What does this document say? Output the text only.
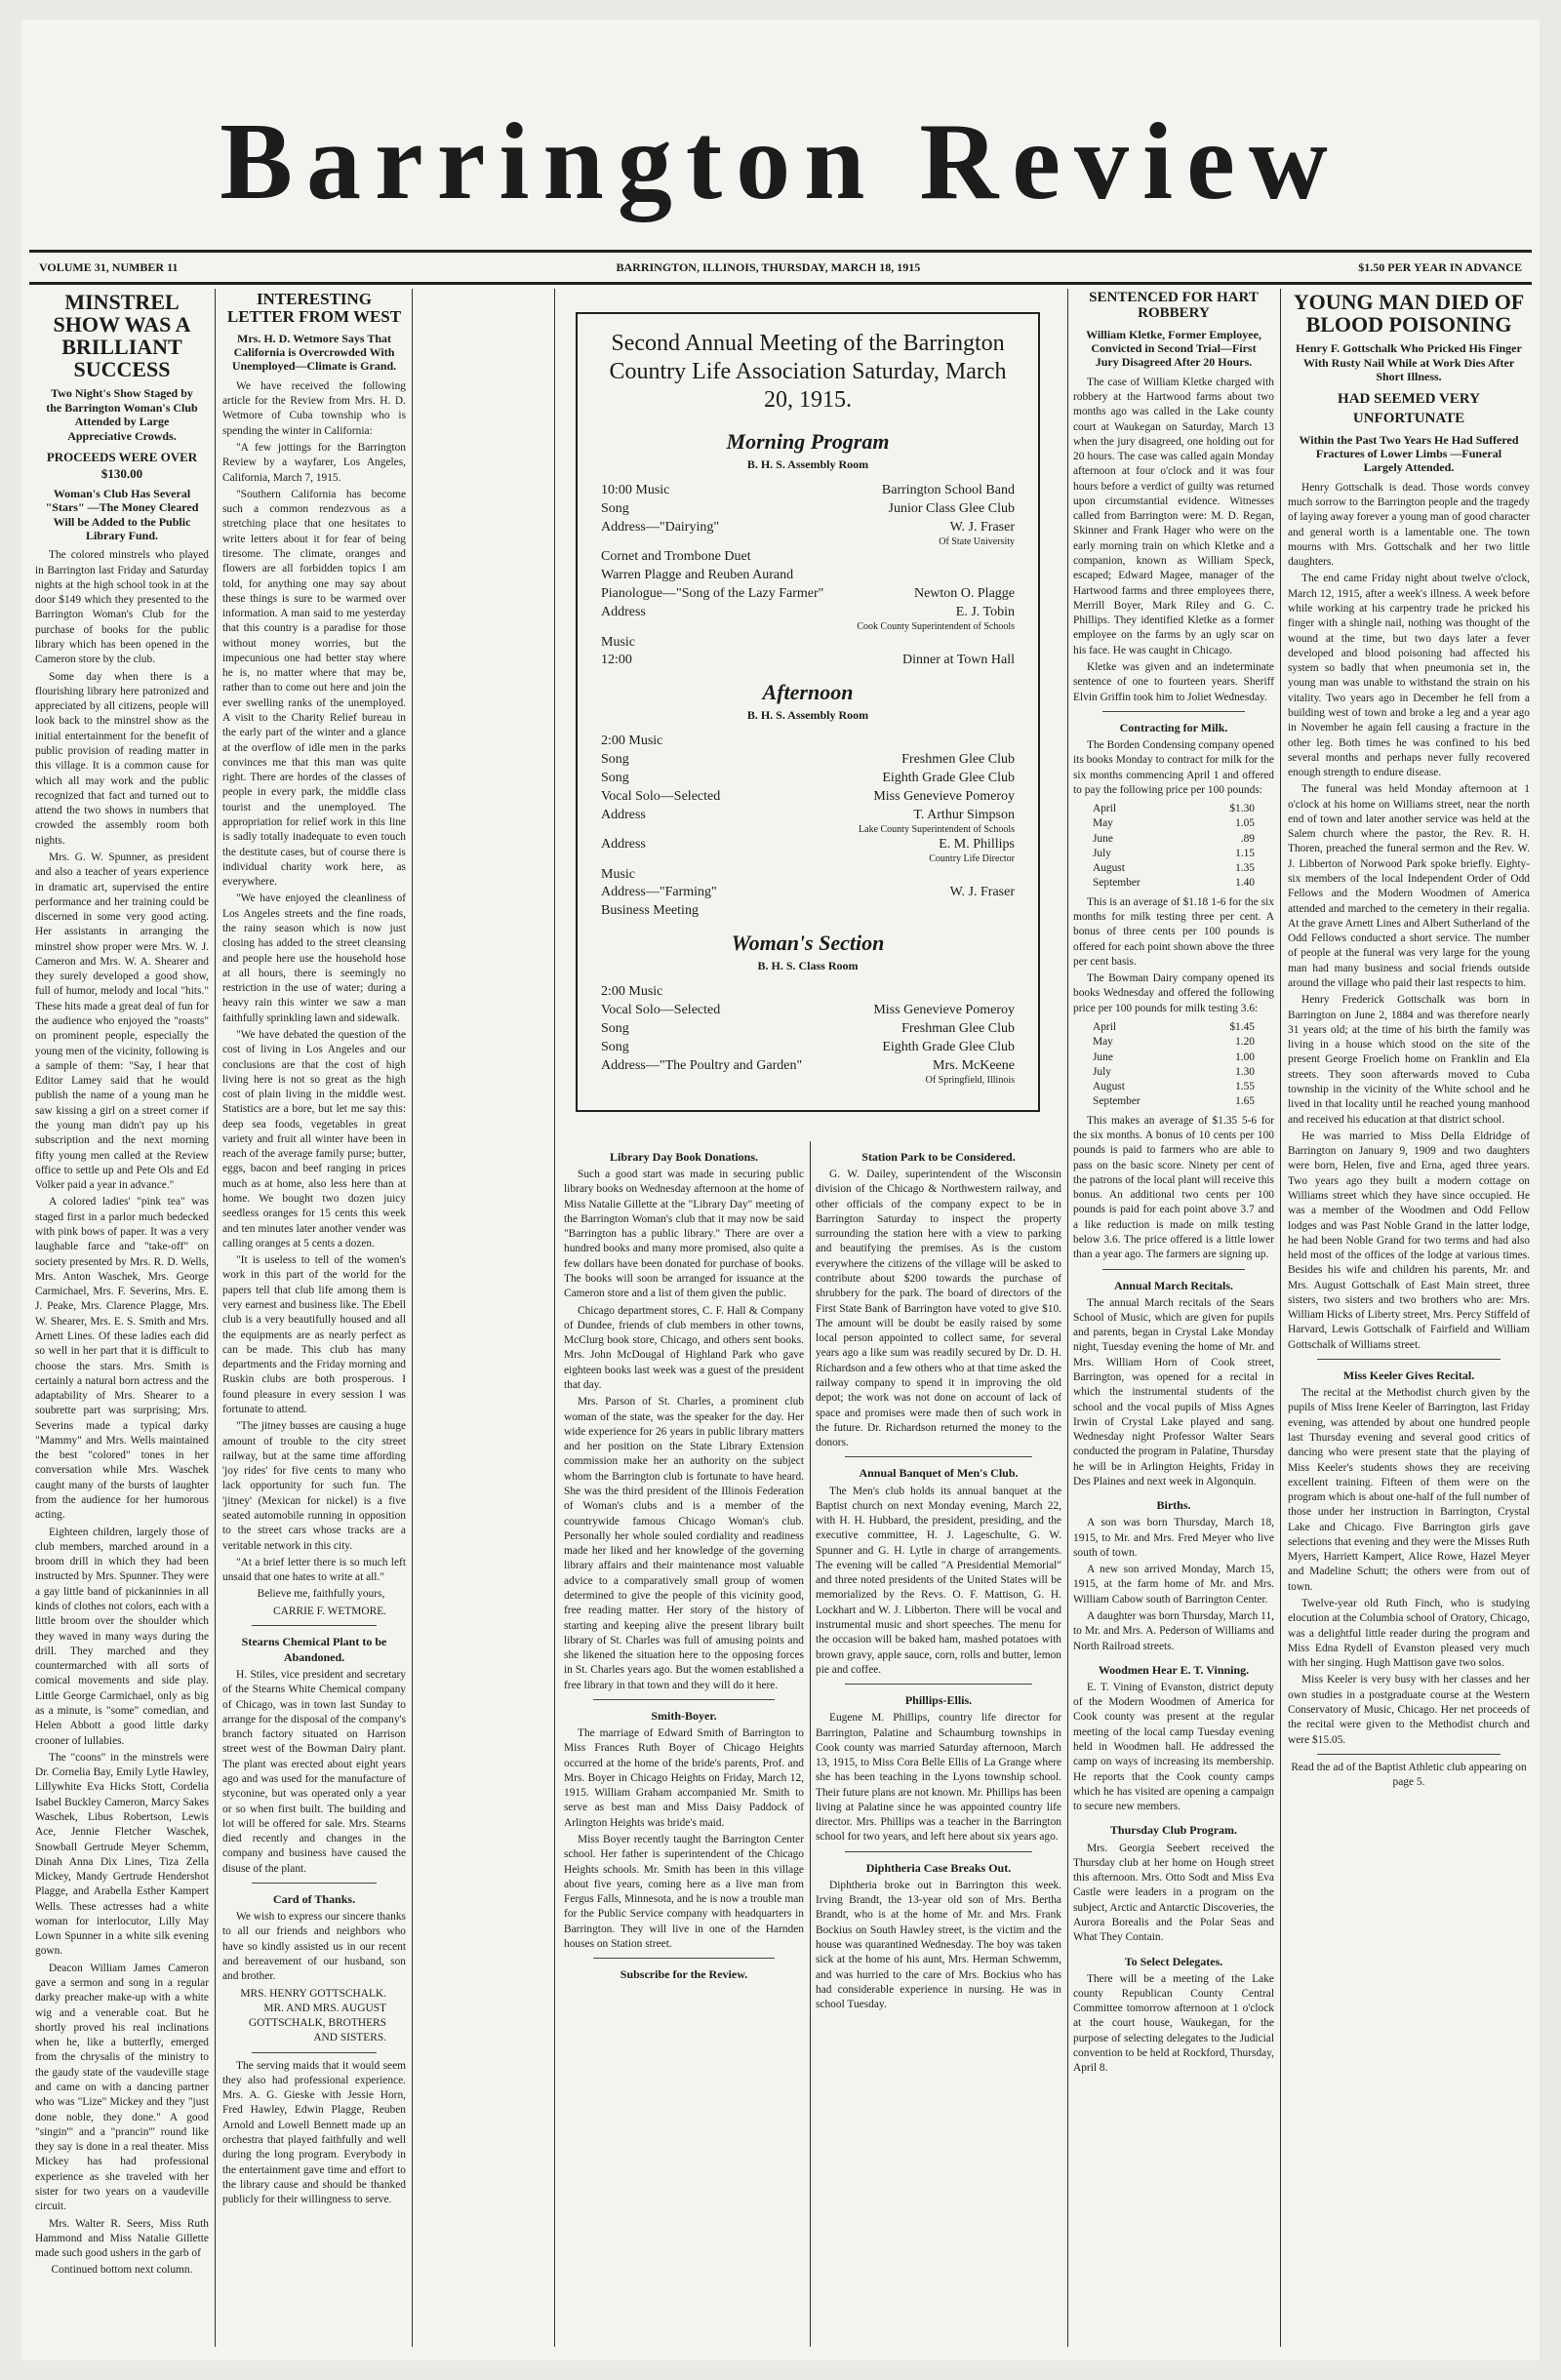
Barrington Review
VOLUME 31, NUMBER 11	BARRINGTON, ILLINOIS, THURSDAY, MARCH 18, 1915	$1.50 PER YEAR IN ADVANCE
MINSTREL SHOW WAS A BRILLIANT SUCCESS
Two Night's Show Staged by the Barrington Woman's Club Attended by Large Appreciative Crowds.
PROCEEDS WERE OVER $130.00
Woman's Club Has Several "Stars" —The Money Cleared Will be Added to the Public Library Fund.

The colored minstrels who played in Barrington last Friday and Saturday nights at the high school took in at the door $149 which they presented to the Barrington Woman's Club for the purchase of books for the public library which has been opened in the Cameron store by the club.

Some day when there is a flourishing library here patronized and appreciated by all citizens, people will look back to the minstrel show as the initial entertainment for the benefit of public provision of reading matter in this village. It is a common cause for which all may work and the public recognized that fact and turned out to attend the two shows in numbers that crowded the assembly room both nights.

Mrs. G. W. Spunner, as president and also a teacher of years experience in dramatic art, supervised the entire performance and her training could be discerned in some very good acting. Her assistants in arranging the minstrel show proper were Mrs. W. J. Cameron and Mrs. W. A. Shearer and they surely developed a good show, full of humor, melody and local "hits." These hits made a great deal of fun for the audience who enjoyed the "roasts" on prominent people, especially the young men of the vicinity, following is a sample of them: "Say, I hear that Editor Lamey said that he would publish the name of a young man he saw kissing a girl on a street corner if the young man didn't pay up his subscription and the next morning fifty young men called at the Review office to settle up and Pete Ols and Ed Volker paid a year in advance."

A colored ladies' "pink tea" was staged first in a parlor much bedecked with pink bows of paper. It was a very laughable farce and "take-off" on society presented by Mrs. R. D. Wells, Mrs. Anton Waschek, Mrs. George Carmichael, Mrs. F. Severins, Mrs. E. J. Peake, Mrs. Clarence Plagge, Mrs. W. Shearer, Mrs. E. S. Smith and Mrs. Arnett Lines. Of these ladies each did so well in her part that it is difficult to choose the stars. Mrs. Smith is certainly a natural born actress and the adaptability of Mrs. Shearer to a soubrette part was surprising; Mrs. Severins made a typical darky "Mammy" and Mrs. Wells maintained the best "colored" tones in her conversation while Mrs. Waschek caught many of the bursts of laughter from the audience for her humorous acting.

Eighteen children, largely those of club members, marched around in a broom drill in which they had been instructed by Mrs. Spunner. They were a gay little band of pickaninnies in all kinds of clothes not colors, each with a little broom over the shoulder which they waved in many ways during the drill. They marched and they countermarched with all sorts of comical movements and side play. Little George Carmichael, only as big as a minute, is "some" comedian, and Helen Abbott a good little darky crooner of lullabies.

The "coons" in the minstrels were Dr. Cornelia Bay, Emily Lytle Hawley, Lillywhite Eva Hicks Stott, Cordelia Isabel Buckley Cameron, Marcy Sakes Waschek, Libus Robertson, Lewis Ace, Jennie Fletcher Waschek, Snowball Gertrude Meyer Schemm, Dinah Anna Dix Lines, Tiza Zella Mickey, Mandy Gertrude Hendershot Plagge, and Arabella Esther Kampert Wells. These actresses had a white woman for interlocutor, Lilly May Lown Spunner in a white silk evening gown.

Deacon William James Cameron gave a sermon and song in a regular darky preacher make-up with a white wig and a venerable coat. But he shortly proved his real inclinations when he, like a butterfly, emerged from the chrysalis of the ministry to the gaudy state of the vaudeville stage and came on with a dancing partner who was "Lize" Mickey and they "just done noble, they done." A good "singin'" and a "prancin'" round like they say is done in a real theater. Miss Mickey has had professional experience as she traveled with her sister for two years on a vaudeville circuit.

Mrs. Walter R. Seers, Miss Ruth Hammond and Miss Natalie Gillette made such good ushers in the garb of

Continued bottom next column.

INTERESTING LETTER FROM WEST
Mrs. H. D. Wetmore Says That California is Overcrowded With Unemployed—Climate is Grand.

We have received the following article for the Review from Mrs. H. D. Wetmore of Cuba township who is spending the winter in California:

"A few jottings for the Barrington Review by a wayfarer, Los Angeles, California, March 7, 1915.

"Southern California has become such a common rendezvous as a stretching place that one hesitates to write letters about it for fear of being tiresome. The climate, oranges and flowers are all forbidden topics I am told, for anything one may say about these things is sure to be warmed over information. A man said to me yesterday that this country is a paradise for those without money worries, but the impecunious one had better stay where he is, no matter where that may be, rather than to come out here and join the ever swelling ranks of the unemployed. A visit to the Charity Relief bureau in the early part of the winter and a glance at the overflow of idle men in the parks convinces me that this man was quite right. There are hordes of the classes of people in every park, the middle class tourist and the unemployed. The appropriation for relief work in this line is sadly totally inadequate to even touch the destitute cases, but of course there is individual charity work here, as everywhere.

"We have enjoyed the cleanliness of Los Angeles streets and the fine roads, the rainy season which is now just closing has added to the street cleansing and people here use the household hose at all hours, there is seemingly no restriction in the use of water; during a heavy rain this winter we saw a man faithfully sprinkling lawn and sidewalk.

"We have debated the question of the cost of living in Los Angeles and our conclusions are that the cost of high living here is not so great as the high cost of plain living in the middle west. Statistics are a bore, but let me say this: deep sea foods, vegetables in great variety and fruit all winter have been in reach of the average family purse; butter, eggs, bacon and beef ranging in prices much as at home, also less here than at home. We bought two dozen juicy seedless oranges for 15 cents this week and ten minutes later another vender was calling oranges at 5 cents a dozen.

"It is useless to tell of the women's work in this part of the world for the papers tell that club life among them is very earnest and business like. The Ebell club is a very beautifully housed and all the equipments are as nearly perfect as can be made. This club has many departments and the Friday morning and Ruskin clubs are both prosperous. I found pleasure in every session I was fortunate to attend.

"The jitney busses are causing a huge amount of trouble to the city street railway, but at the same time affording 'joy rides' for five cents to many who lack opportunity for such fun. The 'jitney' (Mexican for nickel) is a five seated automobile running in opposition to the street cars whose tracks are a veritable network in this city.

"At a brief letter there is so much left unsaid that one hates to write at all."

Believe me, faithfully yours,

CARRIE F. WETMORE.

Stearns Chemical Plant to be Abandoned.

H. Stiles, vice president and secretary of the Stearns White Chemical company of Chicago, was in town last Sunday to arrange for the disposal of the company's branch factory situated on Harrison street west of the Bowman Dairy plant. The plant was erected about eight years ago and was used for the manufacture of styconine, but was operated only a year or so when first built. The building and lot will be offered for sale. Mrs. Stearns died recently and changes in the company and business have caused the disuse of the plant.

Card of Thanks.

We wish to express our sincere thanks to all our friends and neighbors who have so kindly assisted us in our recent and bereavement of our husband, son and brother.

MRS. HENRY GOTTSCHALK. MR. AND MRS. AUGUST GOTTSCHALK, BROTHERS AND SISTERS.

The serving maids that it would seem they also had professional experience. Mrs. A. G. Gieske with Jessie Horn, Fred Hawley, Edwin Plagge, Reuben Arnold and Lowell Bennett made up an orchestra that played faithfully and well during the long program. Everybody in the entertainment gave time and effort to the library cause and should be thanked publicly for their willingness to serve.

Second Annual Meeting of the Barrington Country Life Association Saturday, March 20, 1915.
Morning Program
B. H. S. Assembly Room
10:00 Music	Barrington School Band
Song	Junior Class Glee Club
Address—"Dairying"	W. J. Fraser
Of State University
Cornet and Trombone Duet
Warren Plagge and Reuben Aurand
Pianologue—"Song of the Lazy Farmer"	Newton O. Plagge
Address	E. J. Tobin
Cook County Superintendent of Schools
Music
12:00	Dinner at Town Hall
Afternoon
B. H. S. Assembly Room
2:00 Music
Song	Freshmen Glee Club
Song	Eighth Grade Glee Club
Vocal Solo—Selected	Miss Genevieve Pomeroy
Address	T. Arthur Simpson
Lake County Superintendent of Schools
Address	E. M. Phillips
Country Life Director
Music
Address—"Farming"	W. J. Fraser
Business Meeting
Woman's Section
B. H. S. Class Room
2:00 Music
Vocal Solo—Selected	Miss Genevieve Pomeroy
Song	Freshman Glee Club
Song	Eighth Grade Glee Club
Address—"The Poultry and Garden"	Mrs. McKeene
Of Springfield, Illinois
Library Day Book Donations.

Such a good start was made in securing public library books on Wednesday afternoon at the home of Miss Natalie Gillette at the "Library Day" meeting of the Barrington Woman's club that it may now be said "Barrington has a public library." There are over a hundred books and many more promised, also quite a few dollars have been donated for purchase of books. The books will soon be arranged for issuance at the Cameron store and a list of them given the public.

Chicago department stores, C. F. Hall & Company of Dundee, friends of club members in other towns, McClurg book store, Chicago, and others sent books. Mrs. John McDougal of Highland Park who gave eighteen books last week was a guest of the president that day.

Mrs. Parson of St. Charles, a prominent club woman of the state, was the speaker for the day. Her wide experience for 26 years in public library matters and her position on the State Library Extension commission make her an authority on the subject whom the Barrington club is fortunate to have heard. She was the third president of the Illinois Federation of Woman's clubs and is a member of the countrywide famous Chicago Woman's club. Personally her whole souled cordiality and readiness made her liked and her knowledge of the governing library affairs and their maintenance most valuable advice to a comparatively small group of women determined to give the people of this vicinity good, free reading matter. Her story of the history of starting and keeping alive the present library built library of St. Charles was full of amusing points and she likened the situation here to the opposing forces in St. Charles years ago. But the women established a free library in that town and they will do it here.

Smith-Boyer.

The marriage of Edward Smith of Barrington to Miss Frances Ruth Boyer of Chicago Heights occurred at the home of the bride's parents, Prof. and Mrs. Boyer in Chicago Heights on Friday, March 12, 1915. William Graham accompanied Mr. Smith to serve as best man and Miss Daisy Paddock of Arlington Heights was bride's maid.

Miss Boyer recently taught the Barrington Center school. Her father is superintendent of the Chicago Heights schools. Mr. Smith has been in this village about five years, coming here as a live man from Fergus Falls, Minnesota, and he is now a trouble man for the Public Service company with headquarters in Barrington. They will live in one of the Harnden houses on Station street.

Subscribe for the Review.
Station Park to be Considered.

G. W. Dailey, superintendent of the Wisconsin division of the Chicago & Northwestern railway, and other officials of the company expect to be in Barrington Saturday to inspect the property surrounding the station here with a view to parking and beautifying the premises. As is the custom everywhere the citizens of the village will be asked to contribute about $200 towards the purchase of shrubbery for the park. The board of directors of the First State Bank of Barrington have voted to give $10. The amount will be doubt be easily raised by some local person appointed to collect same, for several years ago a like sum was readily secured by Dr. D. H. Richardson and a few others who at that time asked the railway company to spend it in improving the old depot; the work was not done on account of lack of space and promises were made then of such work in the future. Dr. Richardson returned the money to the donors.

Annual Banquet of Men's Club.

The Men's club holds its annual banquet at the Baptist church on next Monday evening, March 22, with H. H. Hubbard, the president, presiding, and the executive committee, H. J. Lageschulte, G. W. Spunner and G. H. Lytle in charge of arrangements. The evening will be called "A Presidential Memorial" and three noted presidents of the United States will be memorialized by the Revs. O. F. Mattison, G. H. Lockhart and W. J. Libberton. There will be vocal and instrumental music and short speeches. The menu for the occasion will be baked ham, mashed potatoes with brown gravy, apple sauce, corn, rolls and butter, lemon pie and coffee.

Phillips-Ellis.

Eugene M. Phillips, country life director for Barrington, Palatine and Schaumburg townships in Cook county was married Saturday afternoon, March 13, 1915, to Miss Cora Belle Ellis of La Grange where she has been teaching in the Lyons township school. Their future plans are not known. Mr. Phillips has been living at Palatine since he was appointed country life director. Mrs. Phillips was a teacher in the Barrington school for two years, and left here about six years ago.

Diphtheria Case Breaks Out.

Diphtheria broke out in Barrington this week. Irving Brandt, the 13-year old son of Mrs. Bertha Brandt, who is at the home of Mr. and Mrs. Frank Bockius on South Hawley street, is the victim and the house was quarantined Wednesday. The boy was taken sick at the home of his aunt, Mrs. Herman Schwemm, and was hurried to the care of Mrs. Bockius who has had considerable experience in nursing. He was in school Tuesday.

SENTENCED FOR HART ROBBERY
William Kletke, Former Employee, Convicted in Second Trial—First Jury Disagreed After 20 Hours.

The case of William Kletke charged with robbery at the Hartwood farms about two months ago was called in the Lake county court at Waukegan on Saturday, March 13 when the jury disagreed, one holding out for 20 hours. The case was called again Monday afternoon at four o'clock and it was four hours before a verdict of guilty was returned upon circumstantial evidence. Witnesses called from Barrington were: M. D. Regan, Skinner and Frank Hager who were on the early morning train on which Kletke and a companion, known as William Speck, escaped; Edward Magee, manager of the Hartwood farms and three employees there, Merrill Boyer, Mark Riley and G. C. Phillips. They identified Kletke as a former employee on the farms by an ugly scar on his face. He was caught in Chicago.

Kletke was given and an indeterminate sentence of one to fourteen years. Sheriff Elvin Griffin took him to Joliet Wednesday.

Contracting for Milk.

The Borden Condensing company opened its books Monday to contract for milk for the six months commencing April 1 and offered to pay the following price per 100 pounds:

April	$1.30
May	1.05
June	.89
July	1.15
August	1.35
September	1.40

This is an average of $1.18 1-6 for the six months for milk testing three per cent. A bonus of three cents per 100 pounds is offered for each point shown above the three per cent basis.

The Bowman Dairy company opened its books Wednesday and offered the following price per 100 pounds for milk testing 3.6:

April	$1.45
May	1.20
June	1.00
July	1.30
August	1.55
September	1.65

This makes an average of $1.35 5-6 for the six months. A bonus of 10 cents per 100 pounds is paid to farmers who are able to pass on the basic score. Ninety per cent of the patrons of the local plant will receive this bonus. An additional two cents per 100 pounds is paid for each point above 3.7 and a like reduction is made on milk testing below 3.6. The price offered is a little lower than a year ago. The farmers are signing up.

Annual March Recitals.

The annual March recitals of the Sears School of Music, which are given for pupils and parents, began in Crystal Lake Monday night, Tuesday evening the home of Mr. and Mrs. William Horn of Cook street, Barrington, was opened for a recital in which the instrumental students of the school and the vocal pupils of Miss Agnes Irwin of Crystal Lake played and sang. Wednesday night Professor Walter Sears conducted the program in Palatine, Thursday he will be in Arlington Heights, Friday in Des Plaines and next week in Algonquin.

Births.

A son was born Thursday, March 18, 1915, to Mr. and Mrs. Fred Meyer who live south of town.

A new son arrived Monday, March 15, 1915, at the farm home of Mr. and Mrs. William Cabow south of Barrington Center.

A daughter was born Thursday, March 11, to Mr. and Mrs. A. Pederson of Williams and North Railroad streets.

Woodmen Hear E. T. Vinning.

E. T. Vining of Evanston, district deputy of the Modern Woodmen of America for Cook county was present at the regular meeting of the local camp Tuesday evening held in Woodmen hall. He addressed the camp on ways of increasing its membership. He reports that the Cook county camps which he has visited are opening a campaign to secure new members.

Thursday Club Program.

Mrs. Georgia Seebert received the Thursday club at her home on Hough street this afternoon. Mrs. Otto Sodt and Miss Eva Castle were leaders in a program on the subject, Arctic and Antarctic Discoveries, the Aurora Borealis and the Polar Seas and What They Contain.

To Select Delegates.

There will be a meeting of the Lake county Republican County Central Committee tomorrow afternoon at 1 o'clock at the court house, Waukegan, for the purpose of selecting delegates to the Judicial convention to be held at Rockford, Thursday, April 8.

YOUNG MAN DIED OF BLOOD POISONING
Henry F. Gottschalk Who Pricked His Finger With Rusty Nail While at Work Dies After Short Illness.
HAD SEEMED VERY UNFORTUNATE
Within the Past Two Years He Had Suffered Fractures of Lower Limbs —Funeral Largely Attended.

Henry Gottschalk is dead. Those words convey much sorrow to the Barrington people and the tragedy of laying away forever a young man of good character and general worth is a lamentable one. The town mourns with Mrs. Gottschalk and her two little daughters.

The end came Friday night about twelve o'clock, March 12, 1915, after a week's illness. A week before while working at his carpentry trade he pricked his finger with a shingle nail, nothing was thought of the wound at the time, but two days later a fever developed and blood poisoning had affected his system so badly that when pneumonia set in, the young man was unable to withstand the strain on his vitality. Two years ago in December he fell from a building west of town and broke a leg and a year ago in November he again fell causing a fracture in the other leg. Both times he was confined to his bed several months and perhaps never fully recovered enough strength to endure disease.

The funeral was held Monday afternoon at 1 o'clock at his home on Williams street, near the north end of town and later another service was held at the Salem church where the pastor, the Rev. R. H. Thoren, preached the funeral sermon and the Rev. W. J. Libberton of Norwood Park spoke briefly. Eighty-six members of the local Independent Order of Odd Fellows and the Modern Woodmen of America attended and marched to the cemetery in their regalia. At the grave Arnett Lines and Albert Sutherland of the Odd Fellows conducted a short service. The number of people at the funeral was very large for the young man had many business and social friends outside around the village who paid their last respects to him.

Henry Frederick Gottschalk was born in Barrington on June 2, 1884 and was therefore nearly 31 years old; at the time of his birth the family was living in a house which stood on the site of the present George Froelich home on Franklin and Ela streets. They soon afterwards moved to Cuba township in the vicinity of the White school and he lived in that locality until he reached young manhood and received his education at that district school.

He was married to Miss Della Eldridge of Barrington on January 9, 1909 and two daughters were born, Helen, five and Erna, aged three years. Two years ago they built a modern cottage on Williams street which they have since occupied. He was a member of the Woodmen and Odd Fellow lodges and was Past Noble Grand in the latter lodge, he had been Noble Grand for two terms and had also held most of the offices of the lodge at various times. Besides his wife and children his parents, Mr. and Mrs. August Gottschalk of East Main street, three sisters, two sisters and two brothers who are: Mrs. William Hicks of Liberty street, Mrs. Percy Stiffeld of Harvard, Lewis Gottschalk of Fairfield and William Gottschalk of Williams street.

Miss Keeler Gives Recital.

The recital at the Methodist church given by the pupils of Miss Irene Keeler of Barrington, last Friday evening, was attended by about one hundred people last Thursday evening and several good critics of dancing who were present state that the playing of Miss Keeler's students shows they are receiving excellent training. Fifteen of them were on the program which is about one-half of the full number of those under her instruction in Barrington, Crystal Lake and Chicago. Five Barrington girls gave selections that evening and they were the Misses Ruth Myers, Harriett Kampert, Alice Rowe, Hazel Meyer and Madeline Schutt; the others were from out of town.

Twelve-year old Ruth Finch, who is studying elocution at the Columbia school of Oratory, Chicago, was a delightful little reader during the program and Miss Edna Rydell of Evanston pleased very much with her singing. Hugh Mattison gave two solos.

Miss Keeler is very busy with her classes and her own studies in a postgraduate course at the Western Conservatory of Music, Chicago. Her net proceeds of the recital were given to the Methodist church and were $15.05.

Read the ad of the Baptist Athletic club appearing on page 5.
